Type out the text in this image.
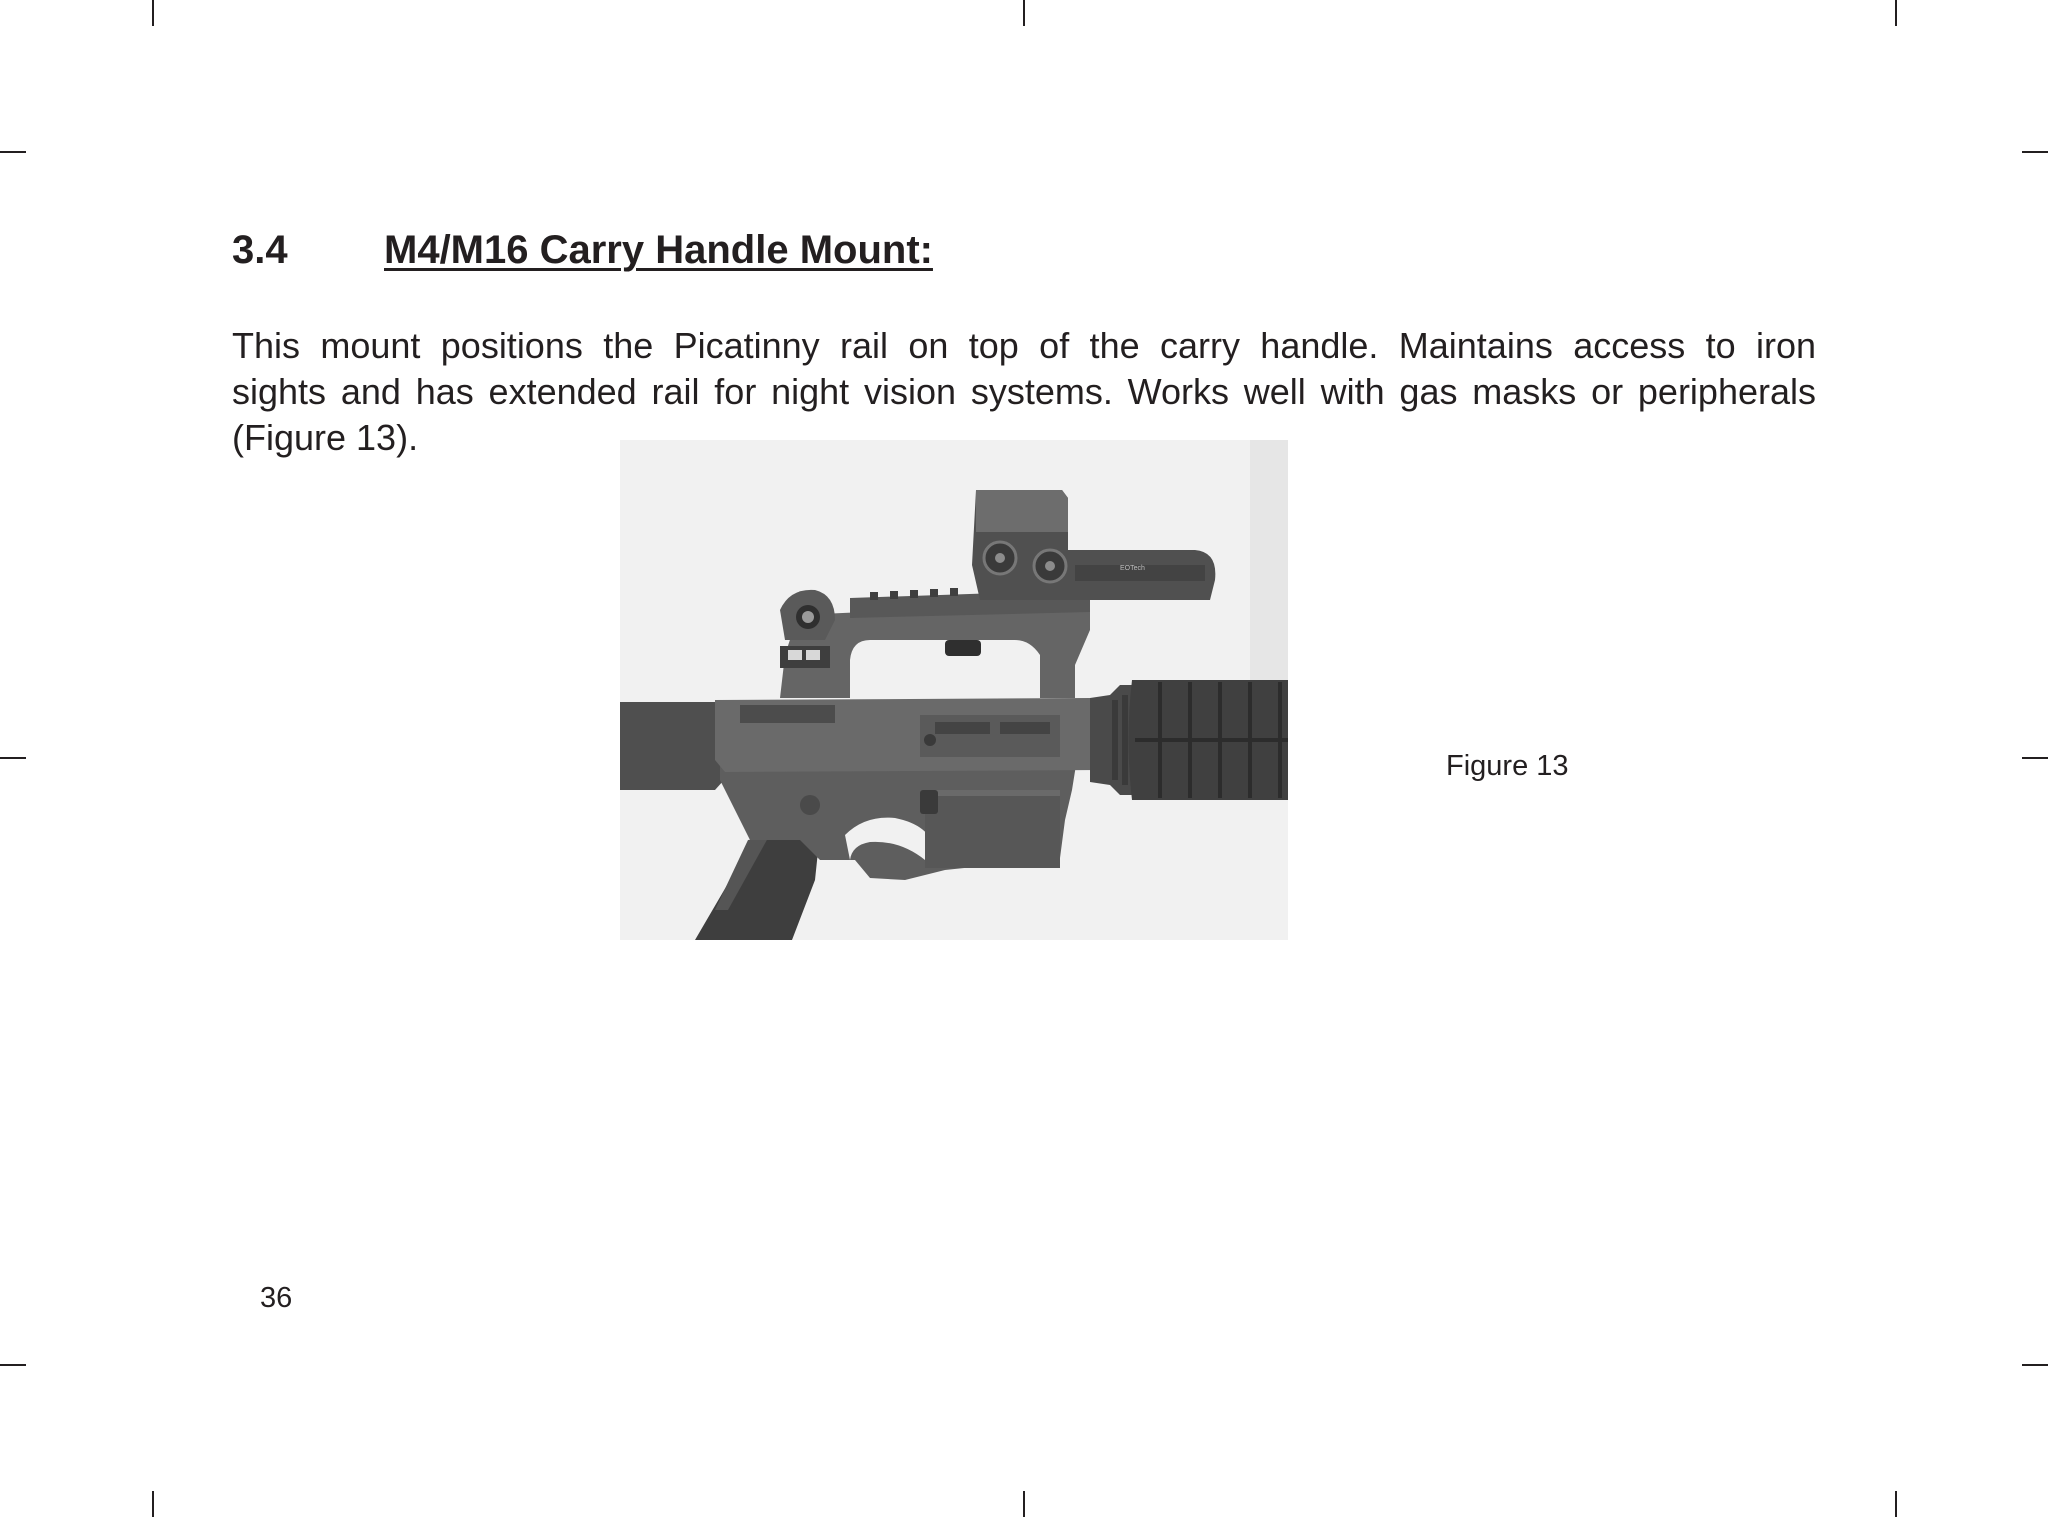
3.4 M4/M16 Carry Handle Mount:
This mount positions the Picatinny rail on top of the carry handle. Maintains access to iron
sights and has extended rail for night vision systems. Works well with gas masks or peripherals
(Figure 13).
EOTech
Figure 13
36
